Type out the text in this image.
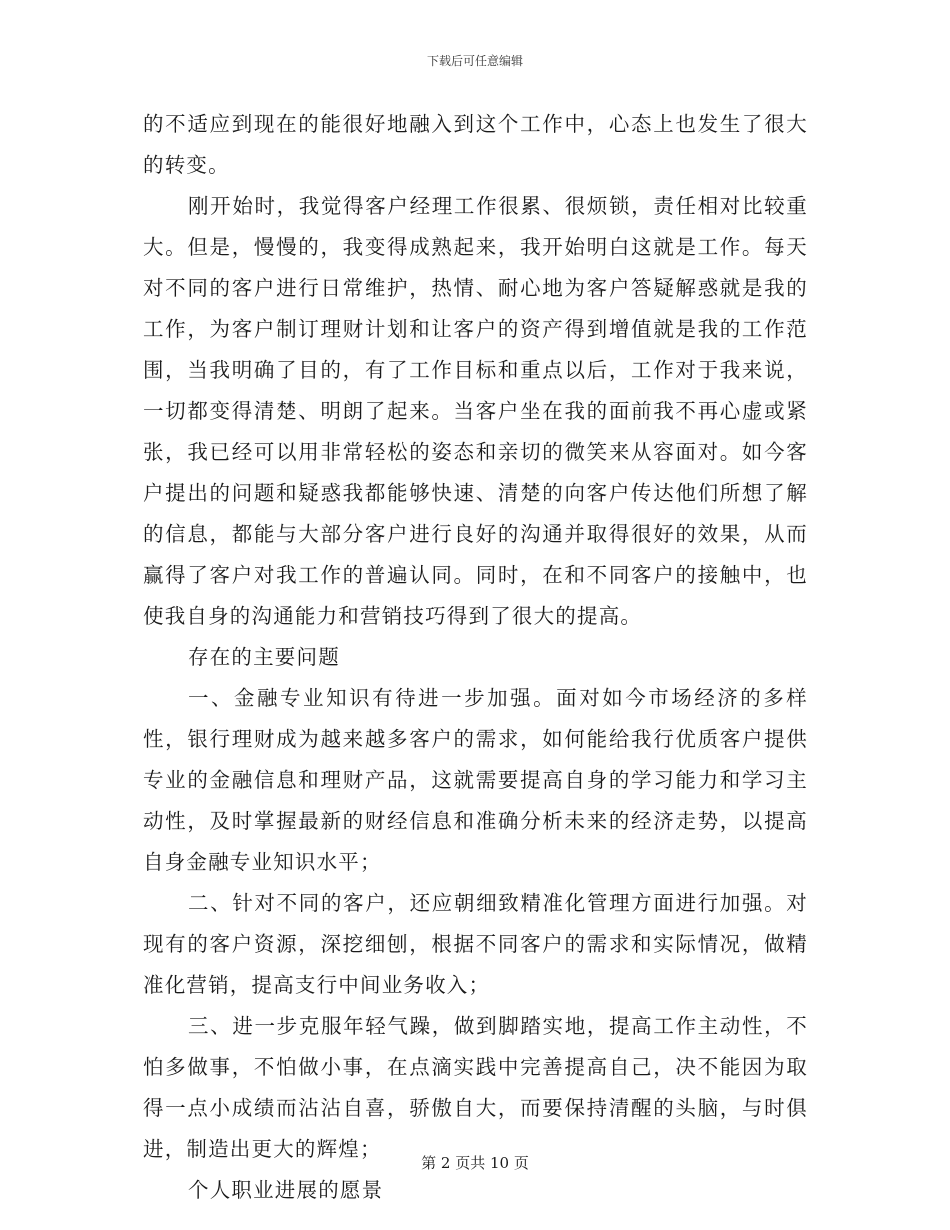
下载后可任意编辑

的不适应到现在的能很好地融入到这个工作中，心态上也发生了很大的转变。

刚开始时，我觉得客户经理工作很累、很烦锁，责任相对比较重大。但是，慢慢的，我变得成熟起来，我开始明白这就是工作。每天对不同的客户进行日常维护，热情、耐心地为客户答疑解惑就是我的工作，为客户制订理财计划和让客户的资产得到增值就是我的工作范围，当我明确了目的，有了工作目标和重点以后，工作对于我来说，一切都变得清楚、明朗了起来。当客户坐在我的面前我不再心虚或紧张，我已经可以用非常轻松的姿态和亲切的微笑来从容面对。如今客户提出的问题和疑惑我都能够快速、清楚的向客户传达他们所想了解的信息，都能与大部分客户进行良好的沟通并取得很好的效果，从而赢得了客户对我工作的普遍认同。同时，在和不同客户的接触中，也使我自身的沟通能力和营销技巧得到了很大的提高。

存在的主要问题

一、金融专业知识有待进一步加强。面对如今市场经济的多样性，银行理财成为越来越多客户的需求，如何能给我行优质客户提供专业的金融信息和理财产品，这就需要提高自身的学习能力和学习主动性，及时掌握最新的财经信息和准确分析未来的经济走势，以提高自身金融专业知识水平；

二、针对不同的客户，还应朝细致精准化管理方面进行加强。对现有的客户资源，深挖细刨，根据不同客户的需求和实际情况，做精准化营销，提高支行中间业务收入；

三、进一步克服年轻气躁，做到脚踏实地，提高工作主动性，不怕多做事，不怕做小事，在点滴实践中完善提高自己，决不能因为取得一点小成绩而沾沾自喜，骄傲自大，而要保持清醒的头脑，与时俱进，制造出更大的辉煌；

个人职业进展的愿景

第 2 页共 10 页
